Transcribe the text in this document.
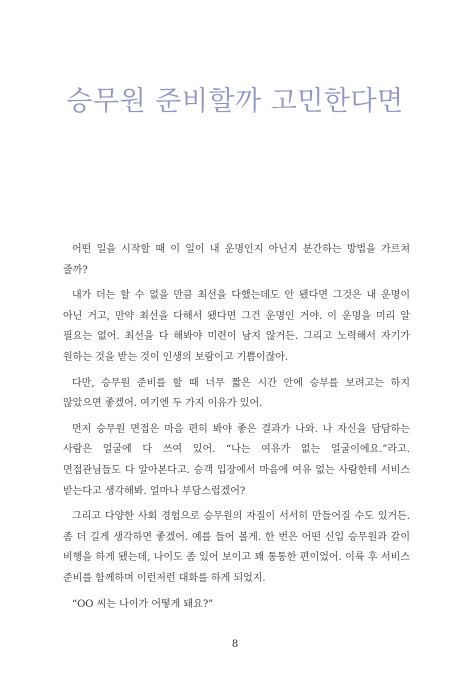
승무원 준비할까 고민한다면

어떤 일을 시작할 때 이 일이 내 운명인지 아닌지 분간하는 방법을 가르쳐 줄까?

내가 더는 할 수 없을 만큼 최선을 다했는데도 안 됐다면 그것은 내 운명이 아닌 거고, 만약 최선을 다해서 됐다면 그건 운명인 거야. 이 운명을 미리 알 필요는 없어. 최선을 다 해봐야 미련이 남지 않거든. 그리고 노력해서 자기가 원하는 것을 받는 것이 인생의 보람이고 기쁨이잖아.

다만, 승무원 준비를 할 때 너무 짧은 시간 안에 승부를 보려고는 하지 않았으면 좋겠어. 여기엔 두 가지 이유가 있어.

먼저 승무원 면접은 마음 편히 봐야 좋은 결과가 나와. 나 자신을 담담하는 사람은 얼굴에 다 쓰여 있어. “나는 여유가 없는 얼굴이에요.”라고. 면접관님들도 다 알아본다고. 승객 입장에서 마음에 여유 없는 사람한테 서비스 받는다고 생각해봐. 얼마나 부담스럽겠어?

그리고 다양한 사회 경험으로 승무원의 자질이 서서히 만들어질 수도 있거든. 좀 더 길게 생각하면 좋겠어. 예를 들어 볼게. 한 번은 어떤 신입 승무원과 같이 비행을 하게 됐는데, 나이도 좀 있어 보이고 꽤 통통한 편이었어. 이륙 후 서비스 준비를 함께하며 이런저런 대화를 하게 되었지.

“OO 씨는 나이가 어떻게 돼요?”

8
